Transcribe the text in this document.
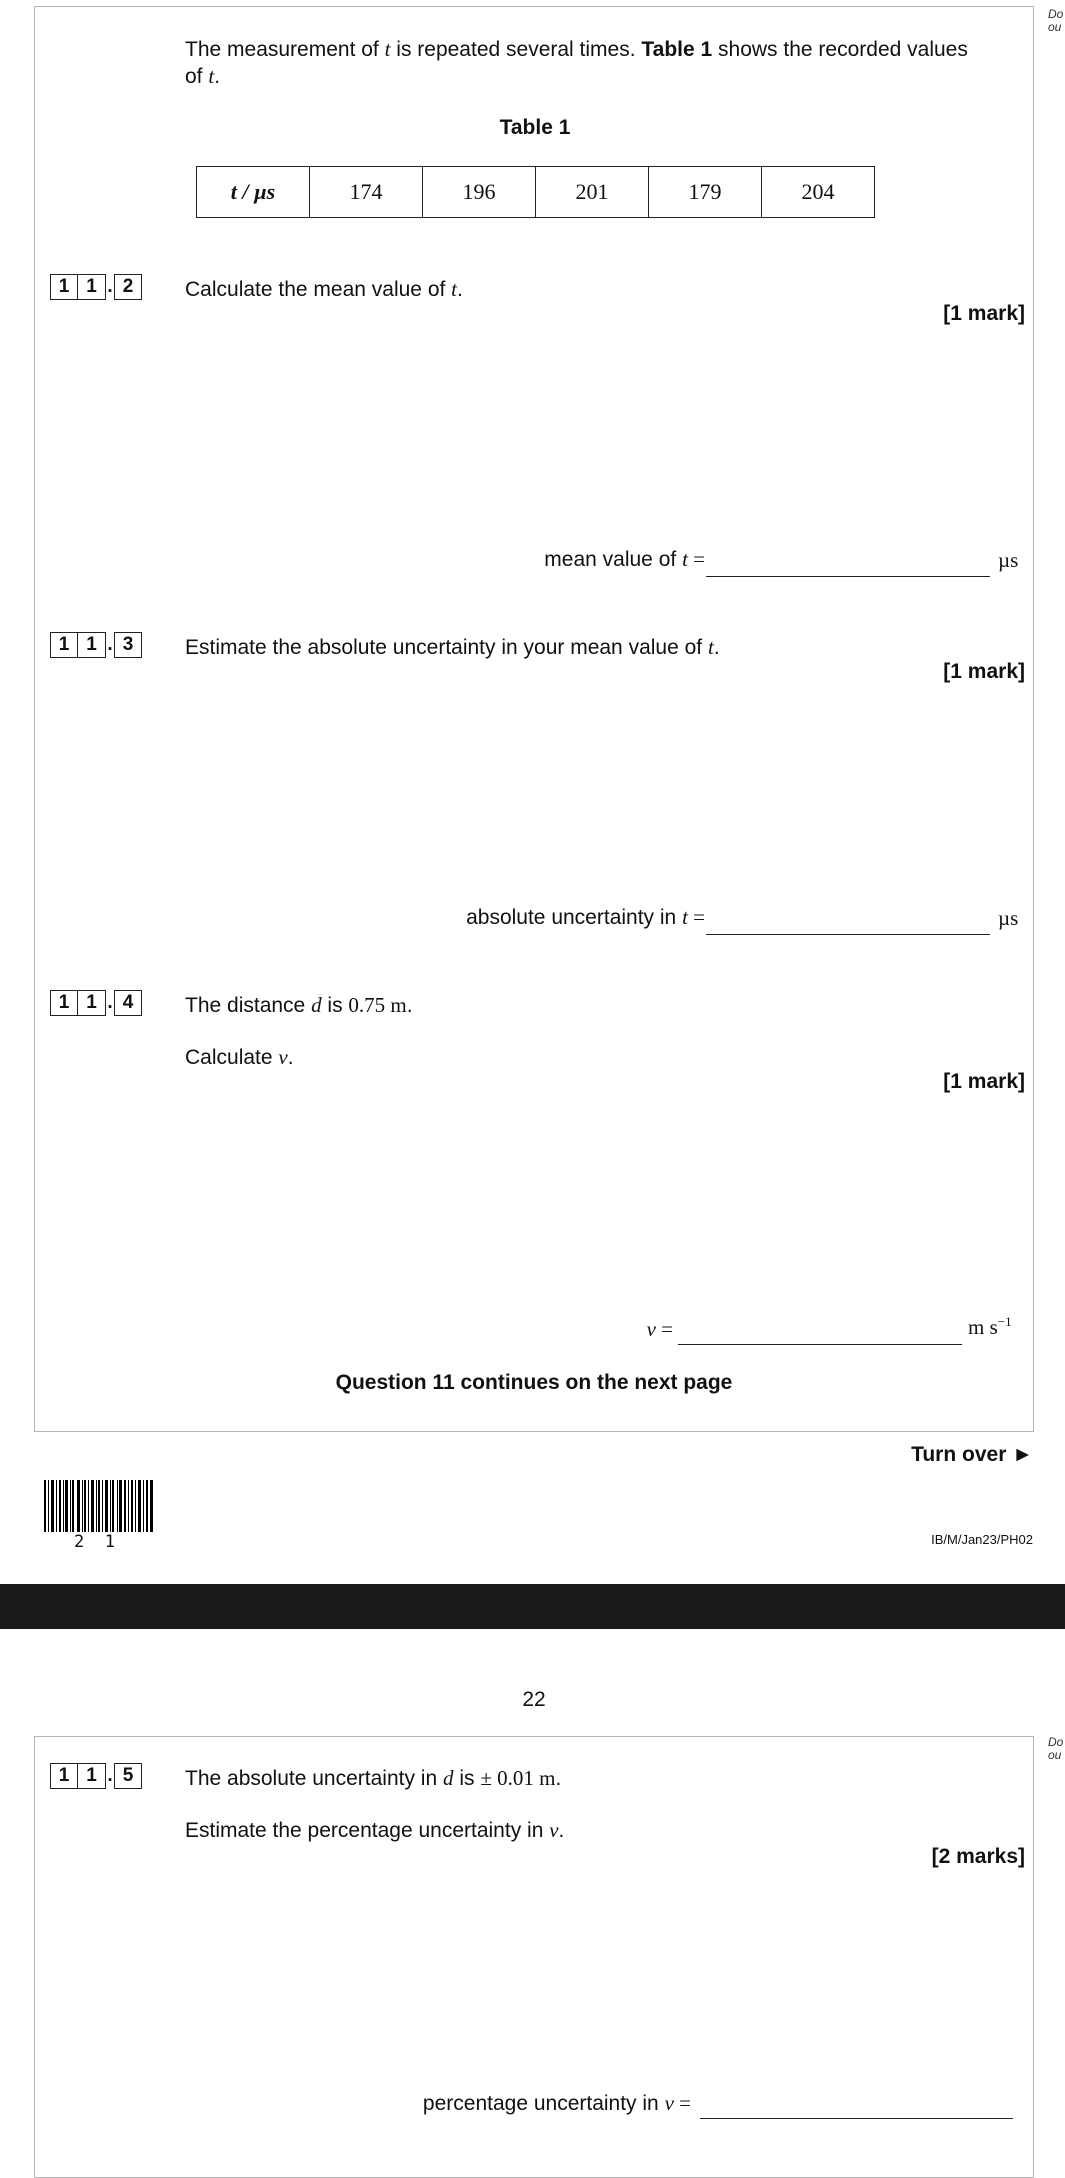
Do
ou
The measurement of t is repeated several times. Table 1 shows the recorded values
of t.
Table 1
t / µs	174	196	201	179	204
1 1 . 2	Calculate the mean value of t.
[1 mark]
mean value of t =	µs
1 1 . 3	Estimate the absolute uncertainty in your mean value of t.
[1 mark]
absolute uncertainty in t =	µs
1 1 . 4	The distance d is 0.75 m.
Calculate v.
[1 mark]
v =	m $s^{-1}$
Question 11 continues on the next page
Turn over ►
2  1	IB/M/Jan23/PH02
22
Do
ou
1 1 . 5	The absolute uncertainty in d is ± 0.01 m.
Estimate the percentage uncertainty in v.
[2 marks]
percentage uncertainty in v =
